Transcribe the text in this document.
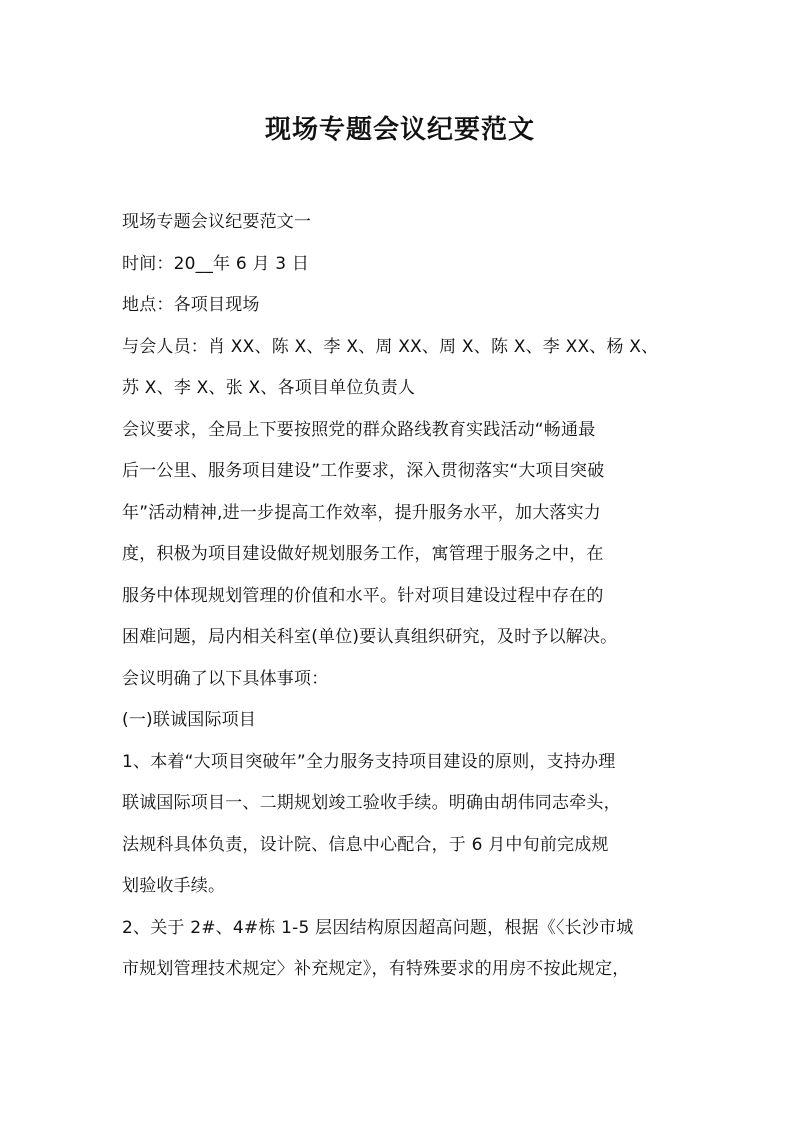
现场专题会议纪要范文
现场专题会议纪要范文一
时间：20__年 6 月 3 日
地点：各项目现场
与会人员：肖 XX、陈 X、李 X、周 XX、周 X、陈 X、李 XX、杨 X、
苏 X、李 X、张 X、各项目单位负责人
会议要求，全局上下要按照党的群众路线教育实践活动“畅通最
后一公里、服务项目建设”工作要求，深入贯彻落实“大项目突破
年”活动精神,进一步提高工作效率，提升服务水平，加大落实力
度，积极为项目建设做好规划服务工作，寓管理于服务之中，在
服务中体现规划管理的价值和水平。针对项目建设过程中存在的
困难问题，局内相关科室(单位)要认真组织研究，及时予以解决。
会议明确了以下具体事项：
(一)联诚国际项目
1、本着“大项目突破年”全力服务支持项目建设的原则，支持办理
联诚国际项目一、二期规划竣工验收手续。明确由胡伟同志牵头，
法规科具体负责，设计院、信息中心配合，于 6 月中旬前完成规
划验收手续。
2、关于 2#、4#栋 1-5 层因结构原因超高问题，根据《〈长沙市城
市规划管理技术规定〉补充规定》，有特殊要求的用房不按此规定，
